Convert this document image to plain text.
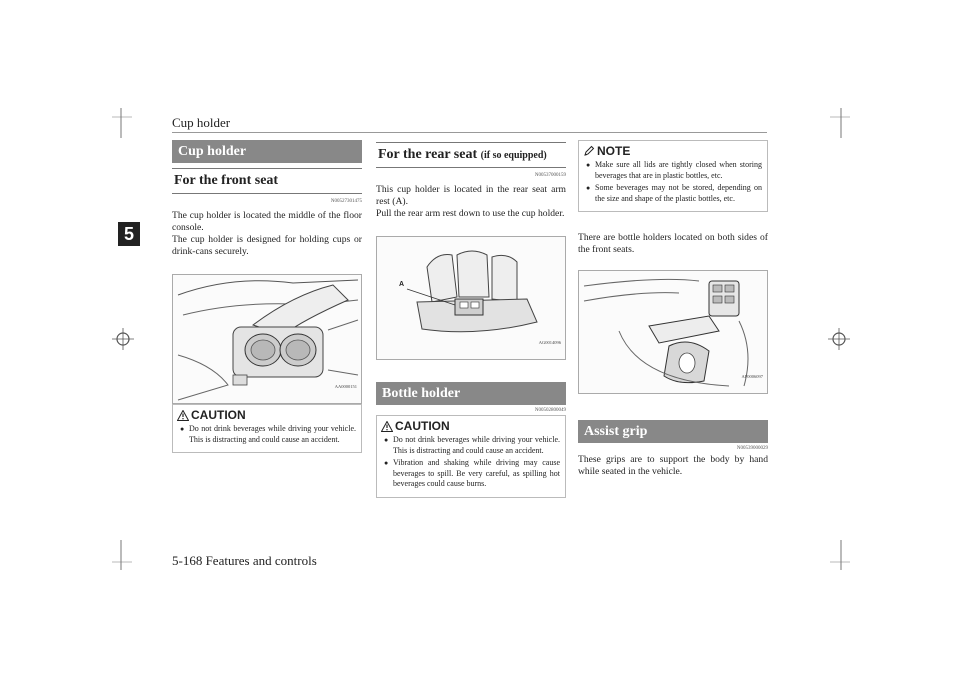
Cup holder
5
Cup holder
For the front seat
N00527301475
The cup holder is located the middle of the floor console.
The cup holder is designed for holding cups or drink-cans securely.
AA0000151
CAUTION
● Do not drink beverages while driving your vehicle. This is distracting and could cause an accident.
For the rear seat (if so equipped)
N00537000159
This cup holder is located in the rear seat arm rest (A).
Pull the rear arm rest down to use the cup holder.
A
AG0014096
Bottle holder
N00502800049
CAUTION
● Do not drink beverages while driving your vehicle. This is distracting and could cause an accident.
● Vibration and shaking while driving may cause beverages to spill. Be very careful, as spilling hot beverages could cause burns.
NOTE
● Make sure all lids are tightly closed when storing beverages that are in plastic bottles, etc.
● Some beverages may not be stored, depending on the size and shape of the plastic bottles, etc.
There are bottle holders located on both sides of the front seats.
AF0006097
Assist grip
N00539000029
These grips are to support the body by hand while seated in the vehicle.
5-168 Features and controls
